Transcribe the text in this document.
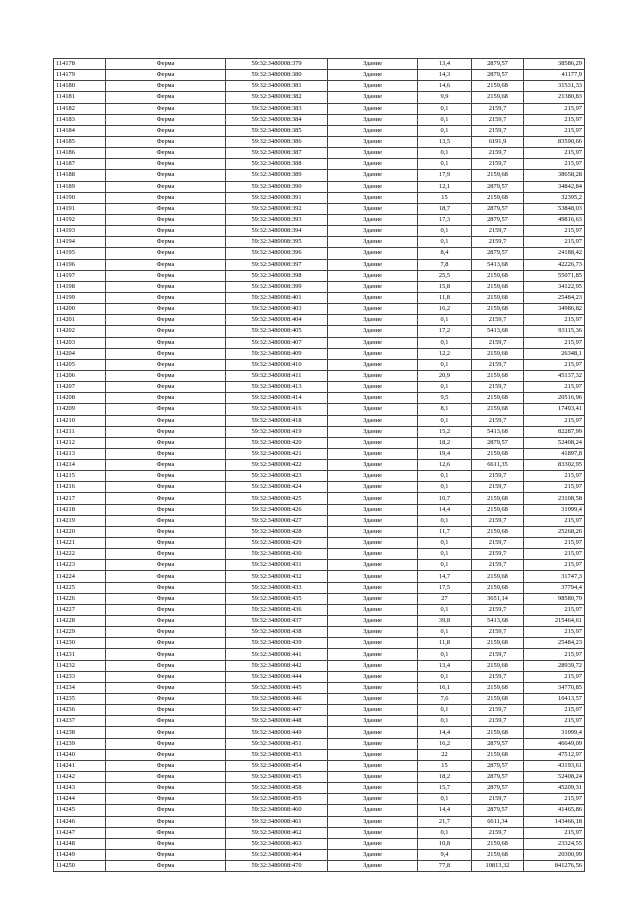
114178	Ферма	59:32:3480008:379	Здание	13,4	2879,57	38586,29
114179	Ферма	59:32:3480008:380	Здание	14,3	2879,57	41177,9
114180	Ферма	59:32:3480008:381	Здание	14,6	2159,68	31531,33
114181	Ферма	59:32:3480008:382	Здание	9,9	2159,68	21380,83
114182	Ферма	59:32:3480008:383	Здание	0,1	2159,7	215,97
114183	Ферма	59:32:3480008:384	Здание	0,1	2159,7	215,97
114184	Ферма	59:32:3480008:385	Здание	0,1	2159,7	215,97
114185	Ферма	59:32:3480008:386	Здание	13,5	6191,9	83590,66
114186	Ферма	59:32:3480008:387	Здание	0,1	2159,7	215,97
114187	Ферма	59:32:3480008:388	Здание	0,1	2159,7	215,97
114188	Ферма	59:32:3480008:389	Здание	17,9	2159,68	38658,28
114189	Ферма	59:32:3480008:390	Здание	12,1	2879,57	34842,84
114190	Ферма	59:32:3480008:391	Здание	15	2159,68	32395,2
114191	Ферма	59:32:3480008:392	Здание	18,7	2879,57	53848,03
114192	Ферма	59:32:3480008:393	Здание	17,3	2879,57	49816,63
114193	Ферма	59:32:3480008:394	Здание	0,1	2159,7	215,97
114194	Ферма	59:32:3480008:395	Здание	0,1	2159,7	215,97
114195	Ферма	59:32:3480008:396	Здание	8,4	2879,57	24188,42
114196	Ферма	59:32:3480008:397	Здание	7,8	5413,68	42226,73
114197	Ферма	59:32:3480008:398	Здание	25,5	2159,68	55071,85
114198	Ферма	59:32:3480008:399	Здание	15,8	2159,68	34122,95
114199	Ферма	59:32:3480008:401	Здание	11,8	2159,68	25484,23
114200	Ферма	59:32:3480008:403	Здание	16,2	2159,68	34986,82
114201	Ферма	59:32:3480008:404	Здание	0,1	2159,7	215,97
114202	Ферма	59:32:3480008:405	Здание	17,2	5413,68	93115,36
114203	Ферма	59:32:3480008:407	Здание	0,1	2159,7	215,97
114204	Ферма	59:32:3480008:409	Здание	12,2	2159,68	26348,1
114205	Ферма	59:32:3480008:410	Здание	0,1	2159,7	215,97
114206	Ферма	59:32:3480008:411	Здание	20,9	2159,68	45137,32
114207	Ферма	59:32:3480008:413	Здание	0,1	2159,7	215,97
114208	Ферма	59:32:3480008:414	Здание	9,5	2159,68	20516,96
114209	Ферма	59:32:3480008:416	Здание	8,1	2159,68	17493,41
114210	Ферма	59:32:3480008:418	Здание	0,1	2159,7	215,97
114211	Ферма	59:32:3480008:419	Здание	15,2	5413,68	82287,99
114212	Ферма	59:32:3480008:420	Здание	18,2	2879,57	52408,24
114213	Ферма	59:32:3480008:421	Здание	19,4	2159,68	41897,8
114214	Ферма	59:32:3480008:422	Здание	12,6	6611,35	83302,95
114215	Ферма	59:32:3480008:423	Здание	0,1	2159,7	215,97
114216	Ферма	59:32:3480008:424	Здание	0,1	2159,7	215,97
114217	Ферма	59:32:3480008:425	Здание	10,7	2159,68	23108,58
114218	Ферма	59:32:3480008:426	Здание	14,4	2159,68	31099,4
114219	Ферма	59:32:3480008:427	Здание	0,1	2159,7	215,97
114220	Ферма	59:32:3480008:428	Здание	11,7	2159,68	25268,26
114221	Ферма	59:32:3480008:429	Здание	0,1	2159,7	215,97
114222	Ферма	59:32:3480008:430	Здание	0,1	2159,7	215,97
114223	Ферма	59:32:3480008:431	Здание	0,1	2159,7	215,97
114224	Ферма	59:32:3480008:432	Здание	14,7	2159,68	31747,3
114225	Ферма	59:32:3480008:433	Здание	17,5	2159,68	37794,4
114226	Ферма	59:32:3480008:435	Здание	27	3651,14	98580,79
114227	Ферма	59:32:3480008:436	Здание	0,1	2159,7	215,97
114228	Ферма	59:32:3480008:437	Здание	39,8	5413,68	215464,61
114229	Ферма	59:32:3480008:438	Здание	0,1	2159,7	215,97
114230	Ферма	59:32:3480008:439	Здание	11,8	2159,68	25484,23
114231	Ферма	59:32:3480008:441	Здание	0,1	2159,7	215,97
114232	Ферма	59:32:3480008:442	Здание	13,4	2159,68	28939,72
114233	Ферма	59:32:3480008:444	Здание	0,1	2159,7	215,97
114234	Ферма	59:32:3480008:445	Здание	16,1	2159,68	34770,85
114235	Ферма	59:32:3480008:446	Здание	7,6	2159,68	16413,57
114236	Ферма	59:32:3480008:447	Здание	0,1	2159,7	215,97
114237	Ферма	59:32:3480008:448	Здание	0,1	2159,7	215,97
114238	Ферма	59:32:3480008:449	Здание	14,4	2159,68	31099,4
114239	Ферма	59:32:3480008:451	Здание	16,2	2879,57	46649,09
114240	Ферма	59:32:3480008:453	Здание	22	2159,68	47512,97
114241	Ферма	59:32:3480008:454	Здание	15	2879,57	43193,61
114242	Ферма	59:32:3480008:455	Здание	18,2	2879,57	52408,24
114243	Ферма	59:32:3480008:458	Здание	15,7	2879,57	45209,31
114244	Ферма	59:32:3480008:459	Здание	0,1	2159,7	215,97
114245	Ферма	59:32:3480008:460	Здание	14,4	2879,57	41465,86
114246	Ферма	59:32:3480008:461	Здание	21,7	6611,34	143466,18
114247	Ферма	59:32:3480008:462	Здание	0,1	2159,7	215,97
114248	Ферма	59:32:3480008:463	Здание	10,8	2159,68	23324,55
114249	Ферма	59:32:3480008:464	Здание	9,4	2159,68	20300,99
114250	Ферма	59:32:3480008:470	Здание	77,8	10813,32	841276,56
